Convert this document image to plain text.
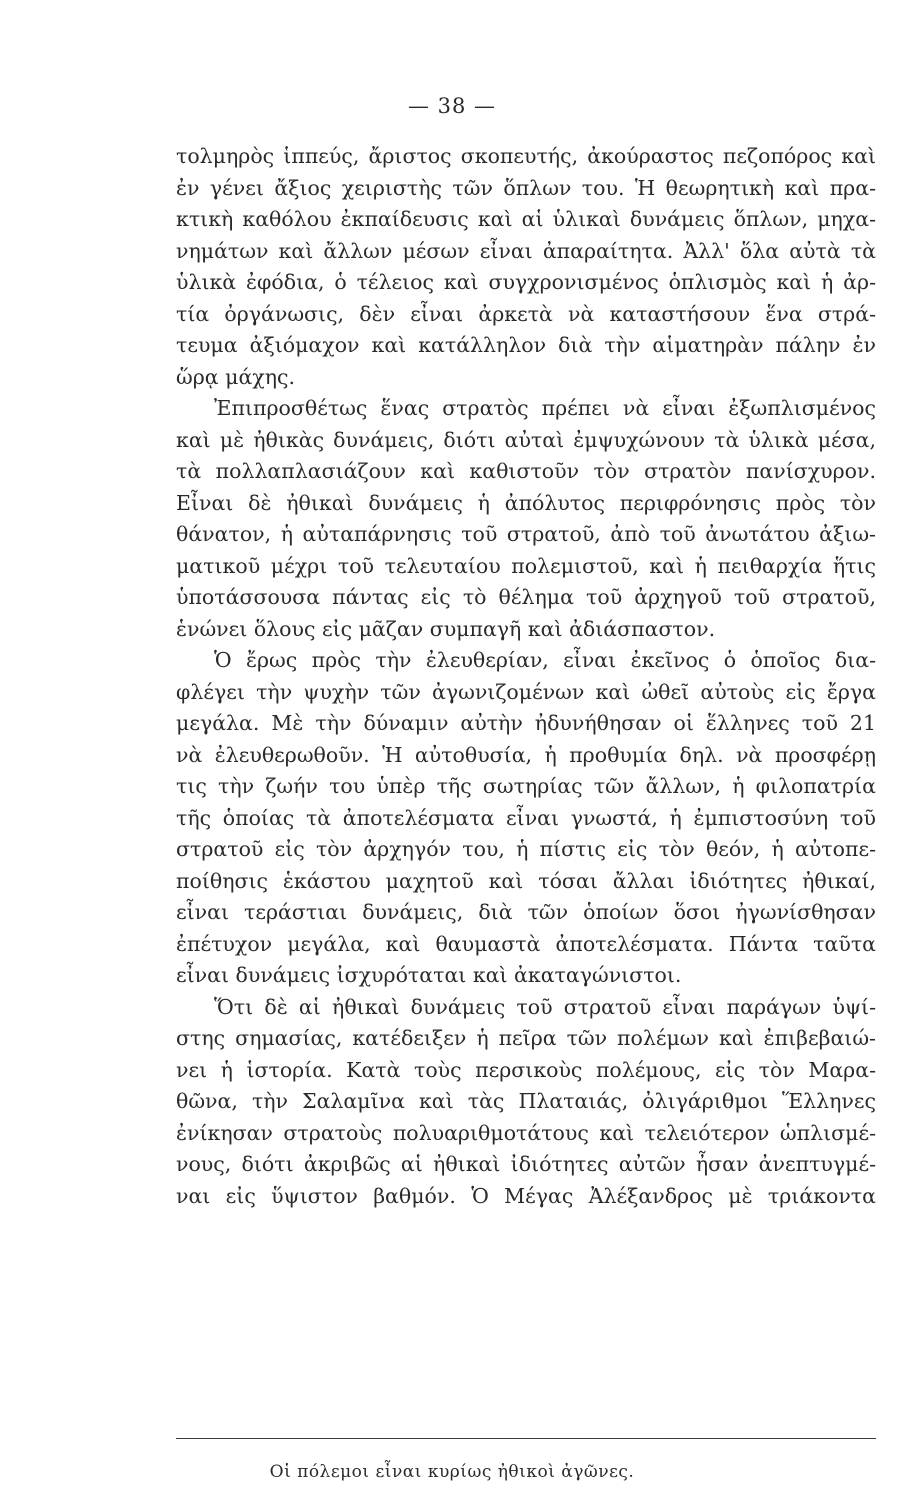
— 38 —
τολμηρὸς ἱππεύς, ἄριστος σκοπευτής, ἀκούραστος πεζοπόρος καὶ
ἐν γένει ἄξιος χειριστὴς τῶν ὅπλων του. Ἡ θεωρητικὴ καὶ πρα-
κτικὴ καθόλου ἐκπαίδευσις καὶ αἱ ὑλικαὶ δυνάμεις ὅπλων, μηχα-
νημάτων καὶ ἄλλων μέσων εἶναι ἀπαραίτητα. Ἀλλ' ὅλα αὐτὰ τὰ
ὑλικὰ ἐφόδια, ὁ τέλειος καὶ συγχρονισμένος ὁπλισμὸς καὶ ἡ ἀρ-
τία ὀργάνωσις, δὲν εἶναι ἀρκετὰ νὰ καταστήσουν ἕνα στρά-
τευμα ἀξιόμαχον καὶ κατάλληλον διὰ τὴν αἱματηρὰν πάλην ἐν
ὥρᾳ μάχης.
Ἐπιπροσθέτως ἕνας στρατὸς πρέπει νὰ εἶναι ἐξωπλισμένος
καὶ μὲ ἠθικὰς δυνάμεις, διότι αὐταὶ ἐμψυχώνουν τὰ ὑλικὰ μέσα,
τὰ πολλαπλασιάζουν καὶ καθιστοῦν τὸν στρατὸν πανίσχυρον.
Εἶναι δὲ ἠθικαὶ δυνάμεις ἡ ἀπόλυτος περιφρόνησις πρὸς τὸν
θάνατον, ἡ αὐταπάρνησις τοῦ στρατοῦ, ἀπὸ τοῦ ἀνωτάτου ἀξιω-
ματικοῦ μέχρι τοῦ τελευταίου πολεμιστοῦ, καὶ ἡ πειθαρχία ἥτις
ὑποτάσσουσα πάντας εἰς τὸ θέλημα τοῦ ἀρχηγοῦ τοῦ στρατοῦ,
ἑνώνει ὅλους εἰς μᾶζαν συμπαγῆ καὶ ἀδιάσπαστον.
Ὁ ἔρως πρὸς τὴν ἐλευθερίαν, εἶναι ἐκεῖνος ὁ ὁποῖος δια-
φλέγει τὴν ψυχὴν τῶν ἀγωνιζομένων καὶ ὠθεῖ αὐτοὺς εἰς ἔργα
μεγάλα. Μὲ τὴν δύναμιν αὐτὴν ἠδυνήθησαν οἱ ἕλληνες τοῦ 21
νὰ ἐλευθερωθοῦν. Ἡ αὐτοθυσία, ἡ προθυμία δηλ. νὰ προσφέρῃ
τις τὴν ζωήν του ὑπὲρ τῆς σωτηρίας τῶν ἄλλων, ἡ φιλοπατρία
τῆς ὁποίας τὰ ἀποτελέσματα εἶναι γνωστά, ἡ ἐμπιστοσύνη τοῦ
στρατοῦ εἰς τὸν ἀρχηγόν του, ἡ πίστις εἰς τὸν θεόν, ἡ αὐτοπε-
ποίθησις ἑκάστου μαχητοῦ καὶ τόσαι ἄλλαι ἰδιότητες ἠθικαί,
εἶναι τεράστιαι δυνάμεις, διὰ τῶν ὁποίων ὅσοι ἠγωνίσθησαν
ἐπέτυχον μεγάλα, καὶ θαυμαστὰ ἀποτελέσματα. Πάντα ταῦτα
εἶναι δυνάμεις ἰσχυρόταται καὶ ἀκαταγώνιστοι.
Ὅτι δὲ αἱ ἠθικαὶ δυνάμεις τοῦ στρατοῦ εἶναι παράγων ὑψί-
στης σημασίας, κατέδειξεν ἡ πεῖρα τῶν πολέμων καὶ ἐπιβεβαιώ-
νει ἡ ἱστορία. Κατὰ τοὺς περσικοὺς πολέμους, εἰς τὸν Μαρα-
θῶνα, τὴν Σαλαμῖνα καὶ τὰς Πλαταιάς, ὀλιγάριθμοι Ἕλληνες
ἐνίκησαν στρατοὺς πολυαριθμοτάτους καὶ τελειότερον ὡπλισμέ-
νους, διότι ἀκριβῶς αἱ ἠθικαὶ ἰδιότητες αὐτῶν ἦσαν ἀνεπτυγμέ-
ναι εἰς ὕψιστον βαθμόν. Ὁ Μέγας Ἀλέξανδρος μὲ τριάκοντα
Οἱ πόλεμοι εἶναι κυρίως ἠθικοὶ ἀγῶνες.
